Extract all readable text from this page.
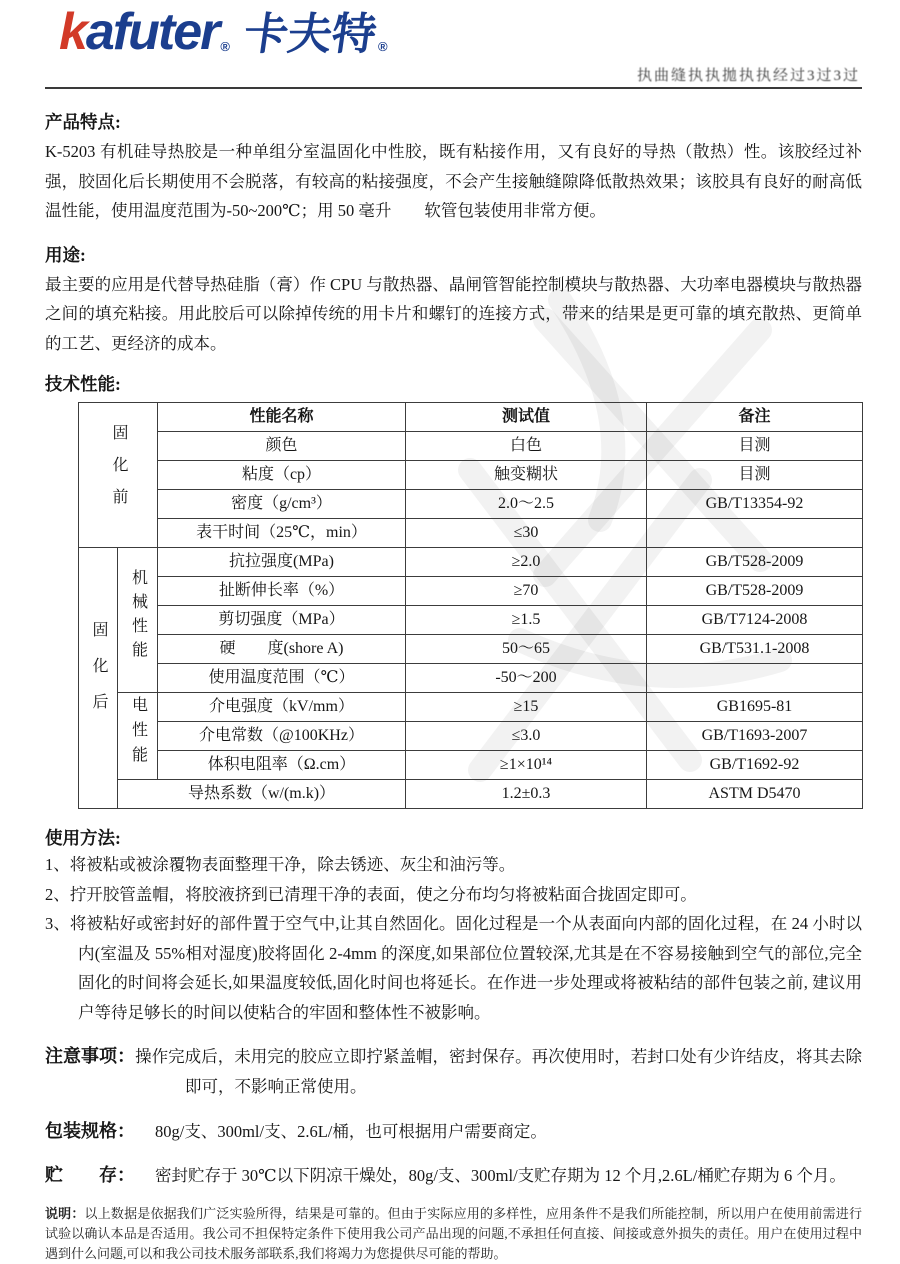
kafuter ® 卡夫特®
执曲缝执执拋执执经过3过3过
产品特点:

K-5203 有机硅导热胶是一种单组分室温固化中性胶，既有粘接作用，又有良好的导热（散热）性。该胶经过补强，胶固化后长期使用不会脱落，有较高的粘接强度，不会产生接触缝隙降低散热效果；该胶具有良好的耐高低温性能，使用温度范围为-50~200℃；用 50 毫升　　软管包装使用非常方便。

用途:

最主要的应用是代替导热硅脂（膏）作 CPU 与散热器、晶闸管智能控制模块与散热器、大功率电器模块与散热器之间的填充粘接。用此胶后可以除掉传统的用卡片和螺钉的连接方式，带来的结果是更可靠的填充散热、更简单的工艺、更经济的成本。

技术性能:
固化前		性能名称	测试值	备注
		颜色	白色	目测
		粘度（cp）	触变糊状	目测
		密度（g/cm³）	2.0～2.5	GB/T13354-92
		表干时间（25℃，min）	≤30	
固化后	机械性能	抗拉强度(MPa)	≥2.0	GB/T528-2009
		扯断伸长率（%）	≥70	GB/T528-2009
		剪切强度（MPa）	≥1.5	GB/T7124-2008
		硬　　度(shore A)	50～65	GB/T531.1-2008
		使用温度范围（℃）	-50～200	
	电性能	介电强度（kV/mm）	≥15	GB1695-81
		介电常数（@100KHz）	≤3.0	GB/T1693-2007
		体积电阻率（Ω.cm）	≥1×10¹⁴	GB/T1692-92
	导热系数（w/(m.k)）		1.2±0.3	ASTM D5470
使用方法:

1、将被粘或被涂覆物表面整理干净，除去锈迹、灰尘和油污等。

2、拧开胶管盖帽，将胶液挤到已清理干净的表面，使之分布均匀将被粘面合拢固定即可。

3、将被粘好或密封好的部件置于空气中,让其自然固化。固化过程是一个从表面向内部的固化过程，在 24 小时以内(室温及 55%相对湿度)胶将固化 2-4mm 的深度,如果部位位置较深,尤其是在不容易接触到空气的部位,完全固化的时间将会延长,如果温度较低,固化时间也将延长。在作进一步处理或将被粘结的部件包装之前, 建议用户等待足够长的时间以使粘合的牢固和整体性不被影响。

注意事项：操作完成后，未用完的胶应立即拧紧盖帽，密封保存。再次使用时，若封口处有少许结皮，将其去除即可，不影响正常使用。

包装规格： 80g/支、300ml/支、2.6L/桶，也可根据用户需要商定。

贮　　存： 密封贮存于 30℃以下阴凉干燥处，80g/支、300ml/支贮存期为 12 个月,2.6L/桶贮存期为 6 个月。

说明：以上数据是依据我们广泛实验所得，结果是可靠的。但由于实际应用的多样性，应用条件不是我们所能控制，所以用户在使用前需进行试验以确认本品是否适用。我公司不担保特定条件下使用我公司产品出现的问题,不承担任何直接、间接或意外损失的责任。用户在使用过程中遇到什么问题,可以和我公司技术服务部联系,我们将竭力为您提供尽可能的帮助。
